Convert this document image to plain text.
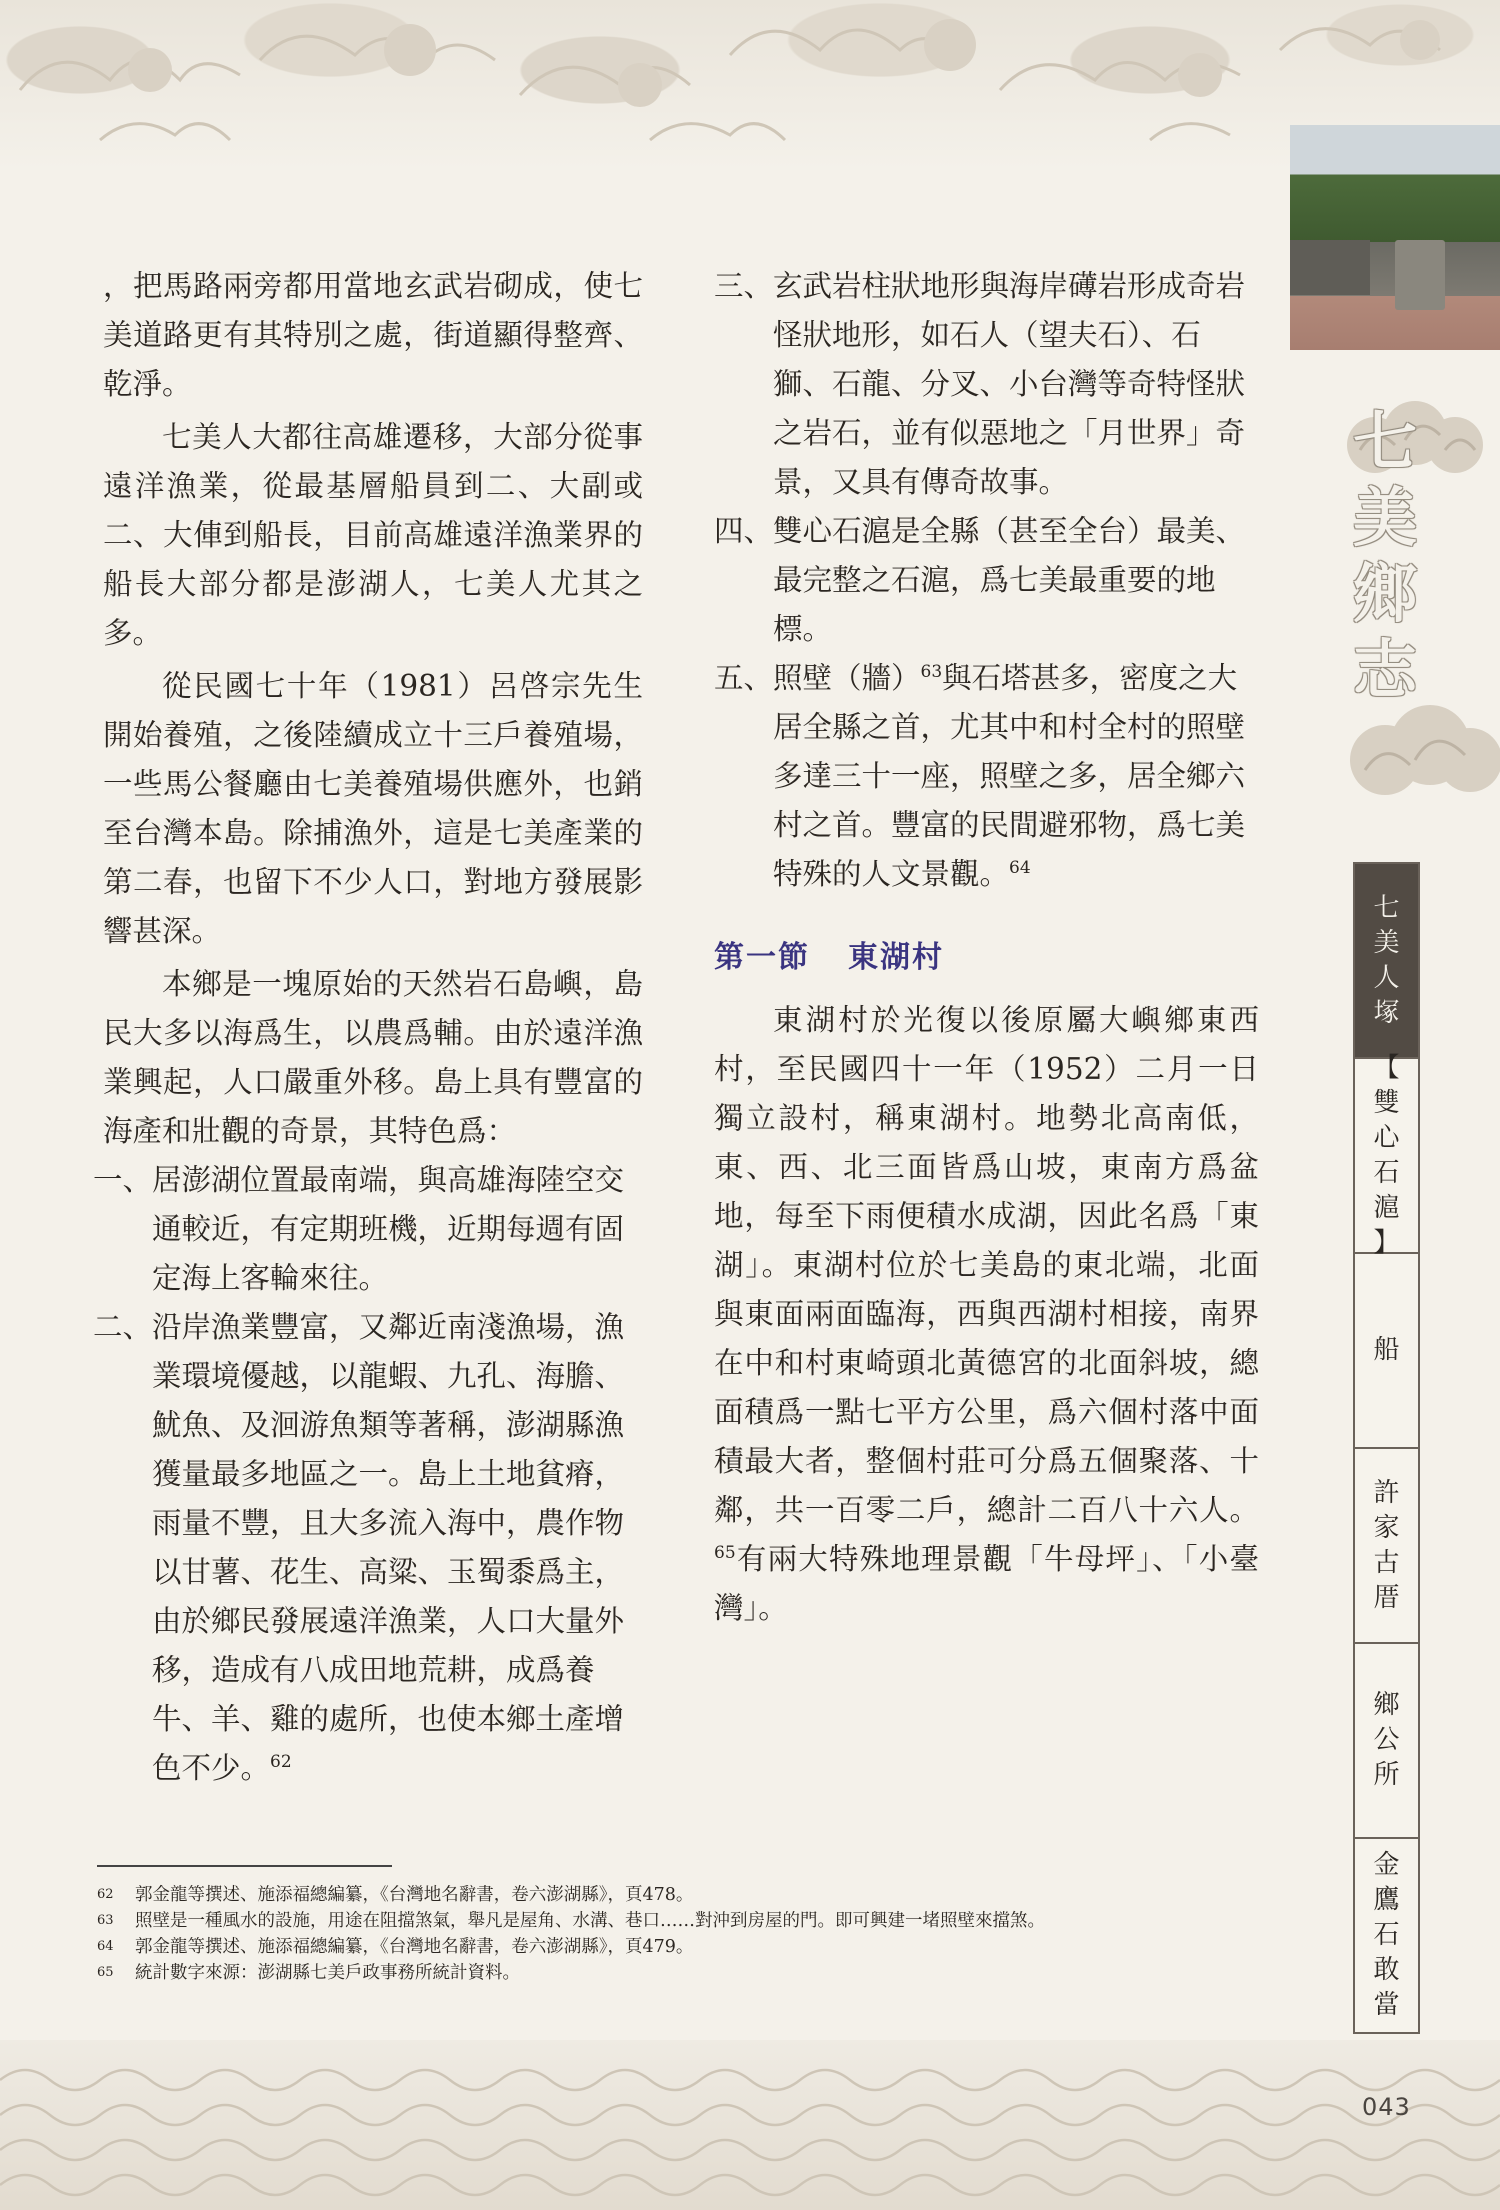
七
美
鄉
志
七
美
人
塚
【
雙
心
石
滬
】
船
許
家
古
厝
鄉
公
所
金
鷹
石
敢
當

，把馬路兩旁都用當地玄武岩砌成，使七美道路更有其特別之處，街道顯得整齊、乾淨。

七美人大都往高雄遷移，大部分從事遠洋漁業，從最基層船員到二、大副或二、大俥到船長，目前高雄遠洋漁業界的船長大部分都是澎湖人，七美人尤其之多。

從民國七十年（1981）呂啓宗先生開始養殖，之後陸續成立十三戶養殖場，一些馬公餐廳由七美養殖場供應外，也銷至台灣本島。除捕漁外，這是七美產業的第二春，也留下不少人口，對地方發展影響甚深。

本鄉是一塊原始的天然岩石島嶼，島民大多以海爲生，以農爲輔。由於遠洋漁業興起，人口嚴重外移。島上具有豐富的海產和壯觀的奇景，其特色爲：

一、 居澎湖位置最南端，與高雄海陸空交通較近，有定期班機，近期每週有固定海上客輪來往。
二、 沿岸漁業豐富，又鄰近南淺漁場，漁業環境優越，以龍蝦、九孔、海膽、魷魚、及洄游魚類等著稱，澎湖縣漁獲量最多地區之一。島上土地貧瘠，雨量不豐，且大多流入海中，農作物以甘薯、花生、高粱、玉蜀黍爲主，由於鄉民發展遠洋漁業，人口大量外移，造成有八成田地荒耕，成爲養牛、羊、雞的處所，也使本鄉土產增色不少。$^{62}$
三、 玄武岩柱狀地形與海岸礡岩形成奇岩怪狀地形，如石人（望夫石）、石獅、石龍、分叉、小台灣等奇特怪狀之岩石，並有似惡地之「月世界」奇景，又具有傳奇故事。
四、 雙心石滬是全縣（甚至全台）最美、最完整之石滬，爲七美最重要的地標。
五、 照壁（牆）$^{63}$與石塔甚多，密度之大居全縣之首，尤其中和村全村的照壁多達三十一座，照壁之多，居全鄉六村之首。豐富的民間避邪物，爲七美特殊的人文景觀。$^{64}$
第一節 東湖村

東湖村於光復以後原屬大嶼鄉東西村，至民國四十一年（1952）二月一日獨立設村，稱東湖村。地勢北高南低，東、西、北三面皆爲山坡，東南方爲盆地，每至下雨便積水成湖，因此名爲「東湖」。東湖村位於七美島的東北端，北面與東面兩面臨海，西與西湖村相接，南界在中和村東崎頭北黃德宮的北面斜坡，總面積爲一點七平方公里，爲六個村落中面積最大者，整個村莊可分爲五個聚落、十鄰，共一百零二戶，總計二百八十六人。$^{65}$有兩大特殊地理景觀「牛母坪」、「小臺灣」。

62	郭金龍等撰述、施添福總編纂，《台灣地名辭書，卷六澎湖縣》，頁478。
63	照壁是一種風水的設施，用途在阻擋煞氣，舉凡是屋角、水溝、巷口……對沖到房屋的門。即可興建一堵照壁來擋煞。
64	郭金龍等撰述、施添福總編纂，《台灣地名辭書，卷六澎湖縣》，頁479。
65	統計數字來源：澎湖縣七美戶政事務所統計資料。
043
